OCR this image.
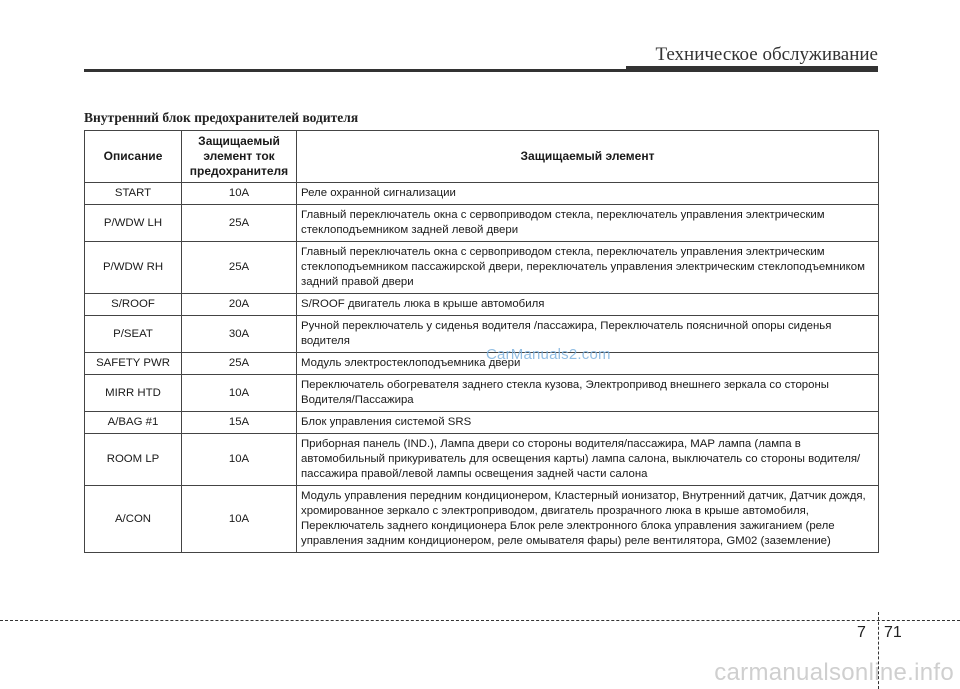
Техническое обслуживание
Внутренний блок предохранителей водителя
Описание	Защищаемый элемент ток предохранителя	Защищаемый элемент
START	10A	Реле охранной сигнализации
P/WDW LH	25A	Главный переключатель окна с сервоприводом стекла, переключатель управления электрическим стеклоподъемником задней левой двери
P/WDW RH	25A	Главный переключатель окна с сервоприводом стекла, переключатель управления электрическим стеклоподъемником пассажирской двери, переключатель управления электрическим стеклоподъемником задний правой двери
S/ROOF	20A	S/ROOF двигатель люка в крыше автомобиля
P/SEAT	30A	Ручной переключатель у сиденья водителя /пассажира, Переключатель поясничной опоры сиденья водителя
SAFETY PWR	25A	Модуль электростеклоподъемника двери
MIRR HTD	10A	Переключатель обогревателя заднего стекла кузова, Электропривод внешнего зеркала со стороны Водителя/Пассажира
A/BAG #1	15A	Блок управления системой SRS
ROOM LP	10A	Приборная панель (IND.), Лампа двери со стороны водителя/пассажира, MAP лампа (лампа в автомобильный прикуриватель для освещения карты) лампа салона, выключатель со стороны водителя/пассажира правой/левой лампы освещения задней части салона
A/CON	10A	Модуль управления передним кондиционером, Кластерный ионизатор, Внутренний датчик, Датчик дождя, хромированное зеркало с электроприводом, двигатель прозрачного люка в крыше автомобиля, Переключатель заднего кондиционера Блок реле электронного блока управления зажиганием (реле управления задним кондиционером, реле омывателя фары) реле вентилятора, GM02 (заземление)
CarManuals2.com
7 71
carmanualsonline.info
